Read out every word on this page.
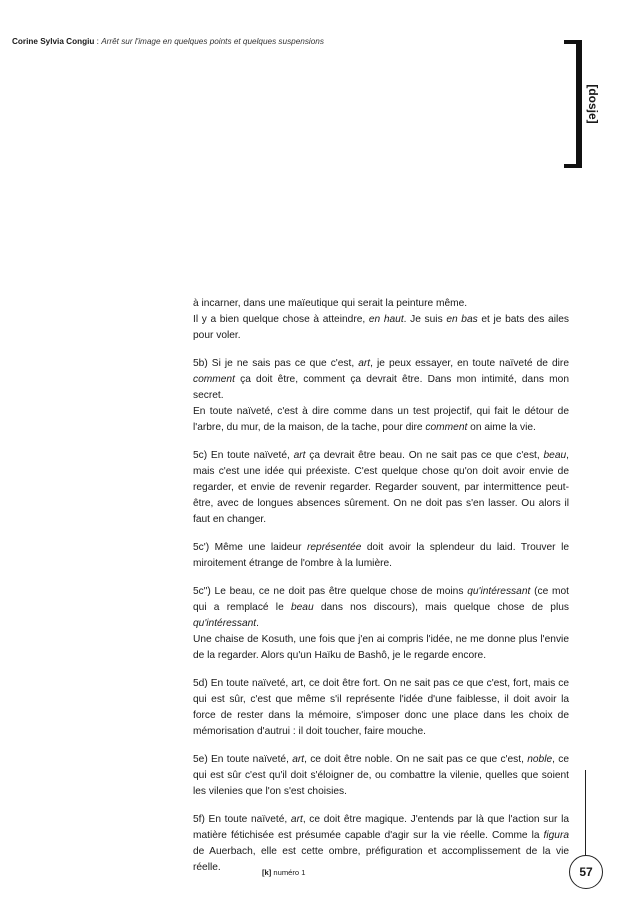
Corine Sylvia Congiu : Arrêt sur l'image en quelques points et quelques suspensions
[dosje]

à incarner, dans une maïeutique qui serait la peinture même.
Il y a bien quelque chose à atteindre, en haut. Je suis en bas et je bats des ailes pour voler.

5b) Si je ne sais pas ce que c'est, art, je peux essayer, en toute naïveté de dire comment ça doit être, comment ça devrait être. Dans mon intimité, dans mon secret.
En toute naïveté, c'est à dire comme dans un test projectif, qui fait le détour de l'arbre, du mur, de la maison, de la tache, pour dire comment on aime la vie.

5c) En toute naïveté, art ça devrait être beau. On ne sait pas ce que c'est, beau, mais c'est une idée qui préexiste. C'est quelque chose qu'on doit avoir envie de regarder, et envie de revenir regarder. Regarder souvent, par intermittence peut-être, avec de longues absences sûrement. On ne doit pas s'en lasser. Ou alors il faut en changer.

5c') Même une laideur représentée doit avoir la splendeur du laid. Trouver le miroitement étrange de l'ombre à la lumière.

5c") Le beau, ce ne doit pas être quelque chose de moins qu'intéressant (ce mot qui a remplacé le beau dans nos discours), mais quelque chose de plus qu'intéressant.
Une chaise de Kosuth, une fois que j'en ai compris l'idée, ne me donne plus l'envie de la regarder. Alors qu'un Haïku de Bashô, je le regarde encore.

5d) En toute naïveté, art, ce doit être fort. On ne sait pas ce que c'est, fort, mais ce qui est sûr, c'est que même s'il représente l'idée d'une faiblesse, il doit avoir la force de rester dans la mémoire, s'imposer donc une place dans les choix de mémorisation d'autrui : il doit toucher, faire mouche.

5e) En toute naïveté, art, ce doit être noble. On ne sait pas ce que c'est, noble, ce qui est sûr c'est qu'il doit s'éloigner de, ou combattre la vilenie, quelles que soient les vilenies que l'on s'est choisies.

5f) En toute naïveté, art, ce doit être magique. J'entends par là que l'action sur la matière fétichisée est présumée capable d'agir sur la vie réelle. Comme la figura de Auerbach, elle est cette ombre, préfiguration et accomplissement de la vie réelle.	57
[k] numéro 1
